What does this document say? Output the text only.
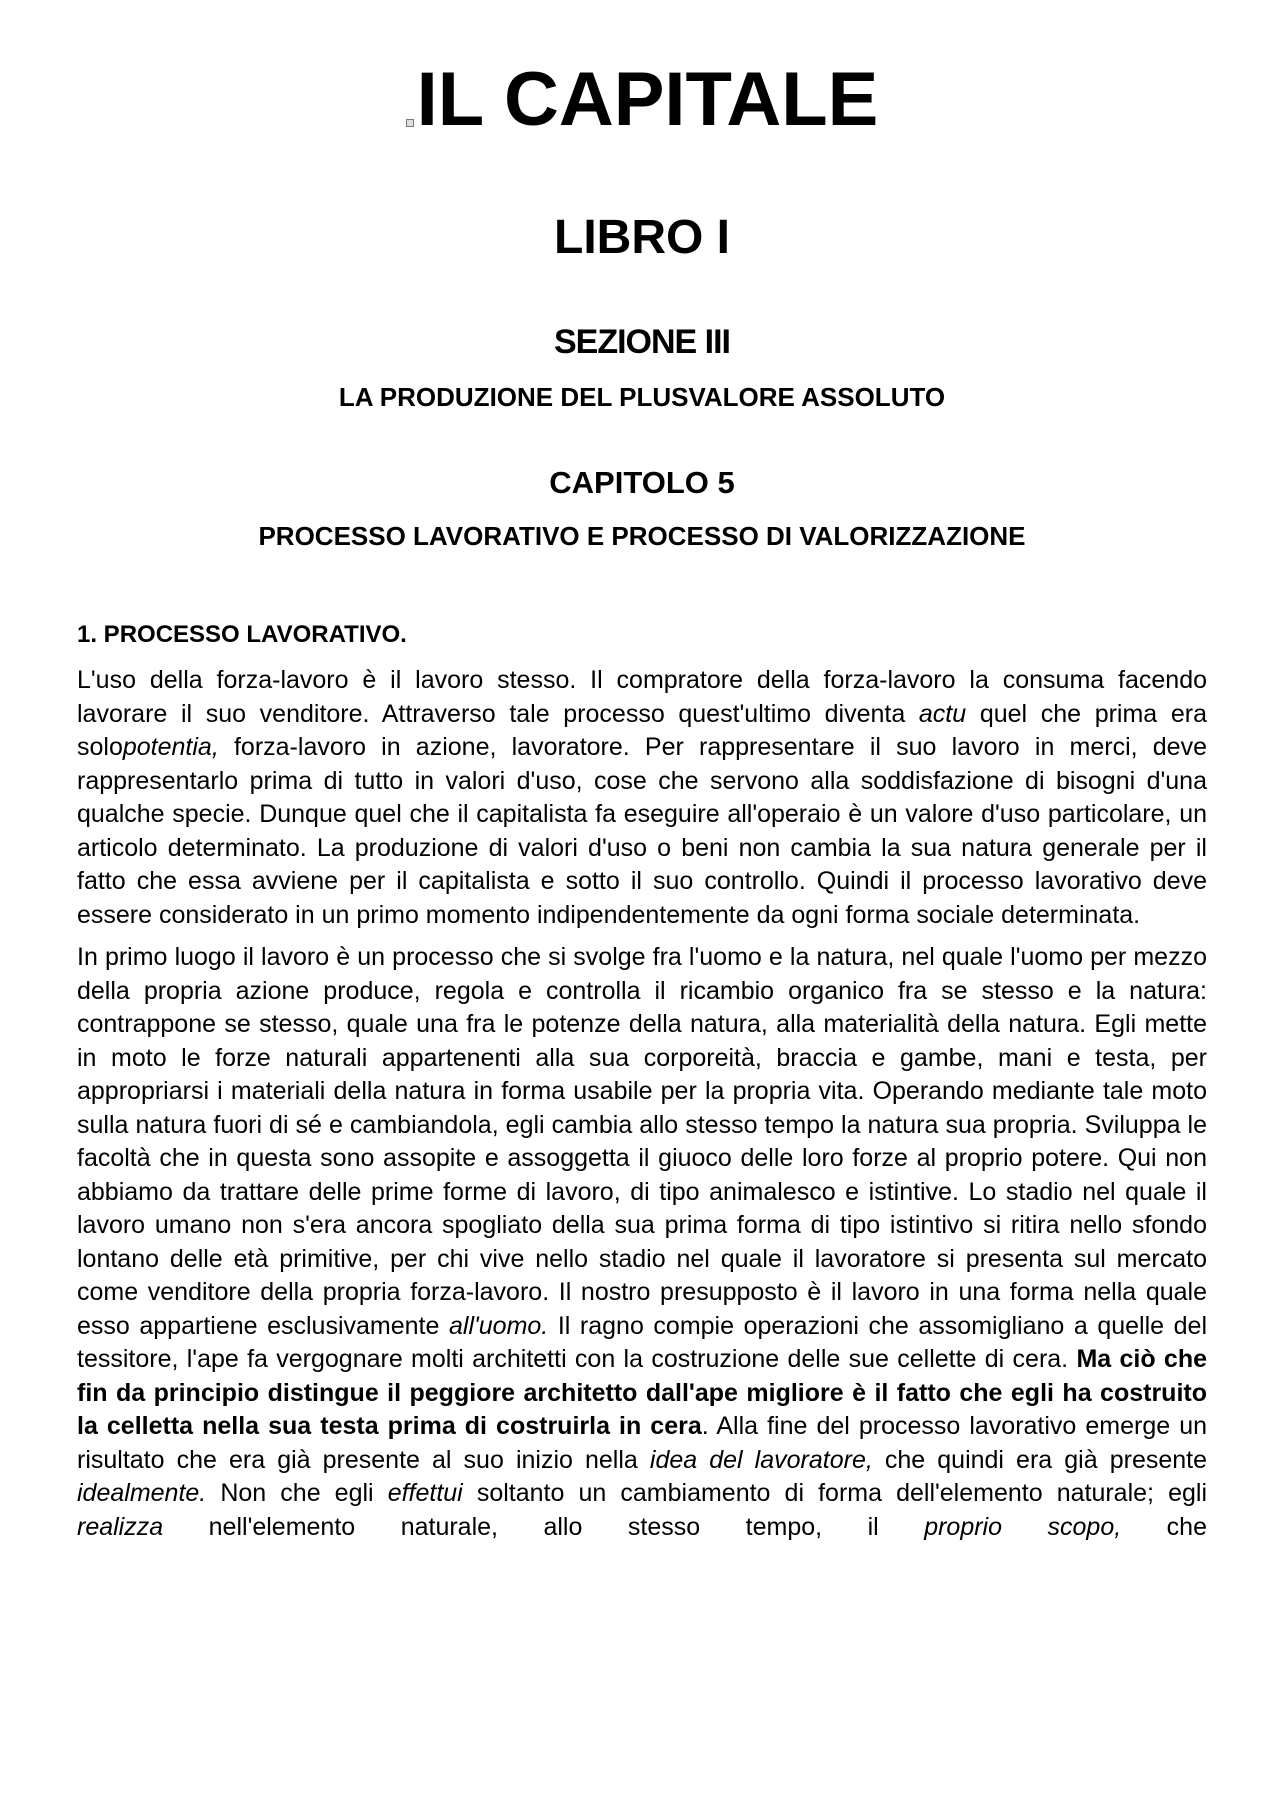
IL CAPITALE
LIBRO I
SEZIONE III
LA PRODUZIONE DEL PLUSVALORE ASSOLUTO
CAPITOLO 5
PROCESSO LAVORATIVO E PROCESSO DI VALORIZZAZIONE
1. PROCESSO LAVORATIVO.

L'uso della forza-lavoro è il lavoro stesso. Il compratore della forza-lavoro la consuma facendo lavorare il suo venditore. Attraverso tale processo quest'ultimo diventa actu quel che prima era solopotentia, forza-lavoro in azione, lavoratore. Per rappresentare il suo lavoro in merci, deve rappresentarlo prima di tutto in valori d'uso, cose che servono alla soddisfazione di bisogni d'una qualche specie. Dunque quel che il capitalista fa eseguire all'operaio è un valore d'uso particolare, un articolo determinato. La produzione di valori d'uso o beni non cambia la sua natura generale per il fatto che essa avviene per il capitalista e sotto il suo controllo. Quindi il processo lavorativo deve essere considerato in un primo momento indipendentemente da ogni forma sociale determinata.

In primo luogo il lavoro è un processo che si svolge fra l'uomo e la natura, nel quale l'uomo per mezzo della propria azione produce, regola e controlla il ricambio organico fra se stesso e la natura: contrappone se stesso, quale una fra le potenze della natura, alla materialità della natura. Egli mette in moto le forze naturali appartenenti alla sua corporeità, braccia e gambe, mani e testa, per appropriarsi i materiali della natura in forma usabile per la propria vita. Operando mediante tale moto sulla natura fuori di sé e cambiandola, egli cambia allo stesso tempo la natura sua propria. Sviluppa le facoltà che in questa sono assopite e assoggetta il giuoco delle loro forze al proprio potere. Qui non abbiamo da trattare delle prime forme di lavoro, di tipo animalesco e istintive. Lo stadio nel quale il lavoro umano non s'era ancora spogliato della sua prima forma di tipo istintivo si ritira nello sfondo lontano delle età primitive, per chi vive nello stadio nel quale il lavoratore si presenta sul mercato come venditore della propria forza-lavoro. Il nostro presupposto è il lavoro in una forma nella quale esso appartiene esclusivamente all'uomo. Il ragno compie operazioni che assomigliano a quelle del tessitore, l'ape fa vergognare molti architetti con la costruzione delle sue cellette di cera. Ma ciò che fin da principio distingue il peggiore architetto dall'ape migliore è il fatto che egli ha costruito la celletta nella sua testa prima di costruirla in cera. Alla fine del processo lavorativo emerge un risultato che era già presente al suo inizio nella idea del lavoratore, che quindi era già presente idealmente. Non che egli effettui soltanto un cambiamento di forma dell'elemento naturale; egli realizza nell'elemento naturale, allo stesso tempo, il proprio scopo, che
